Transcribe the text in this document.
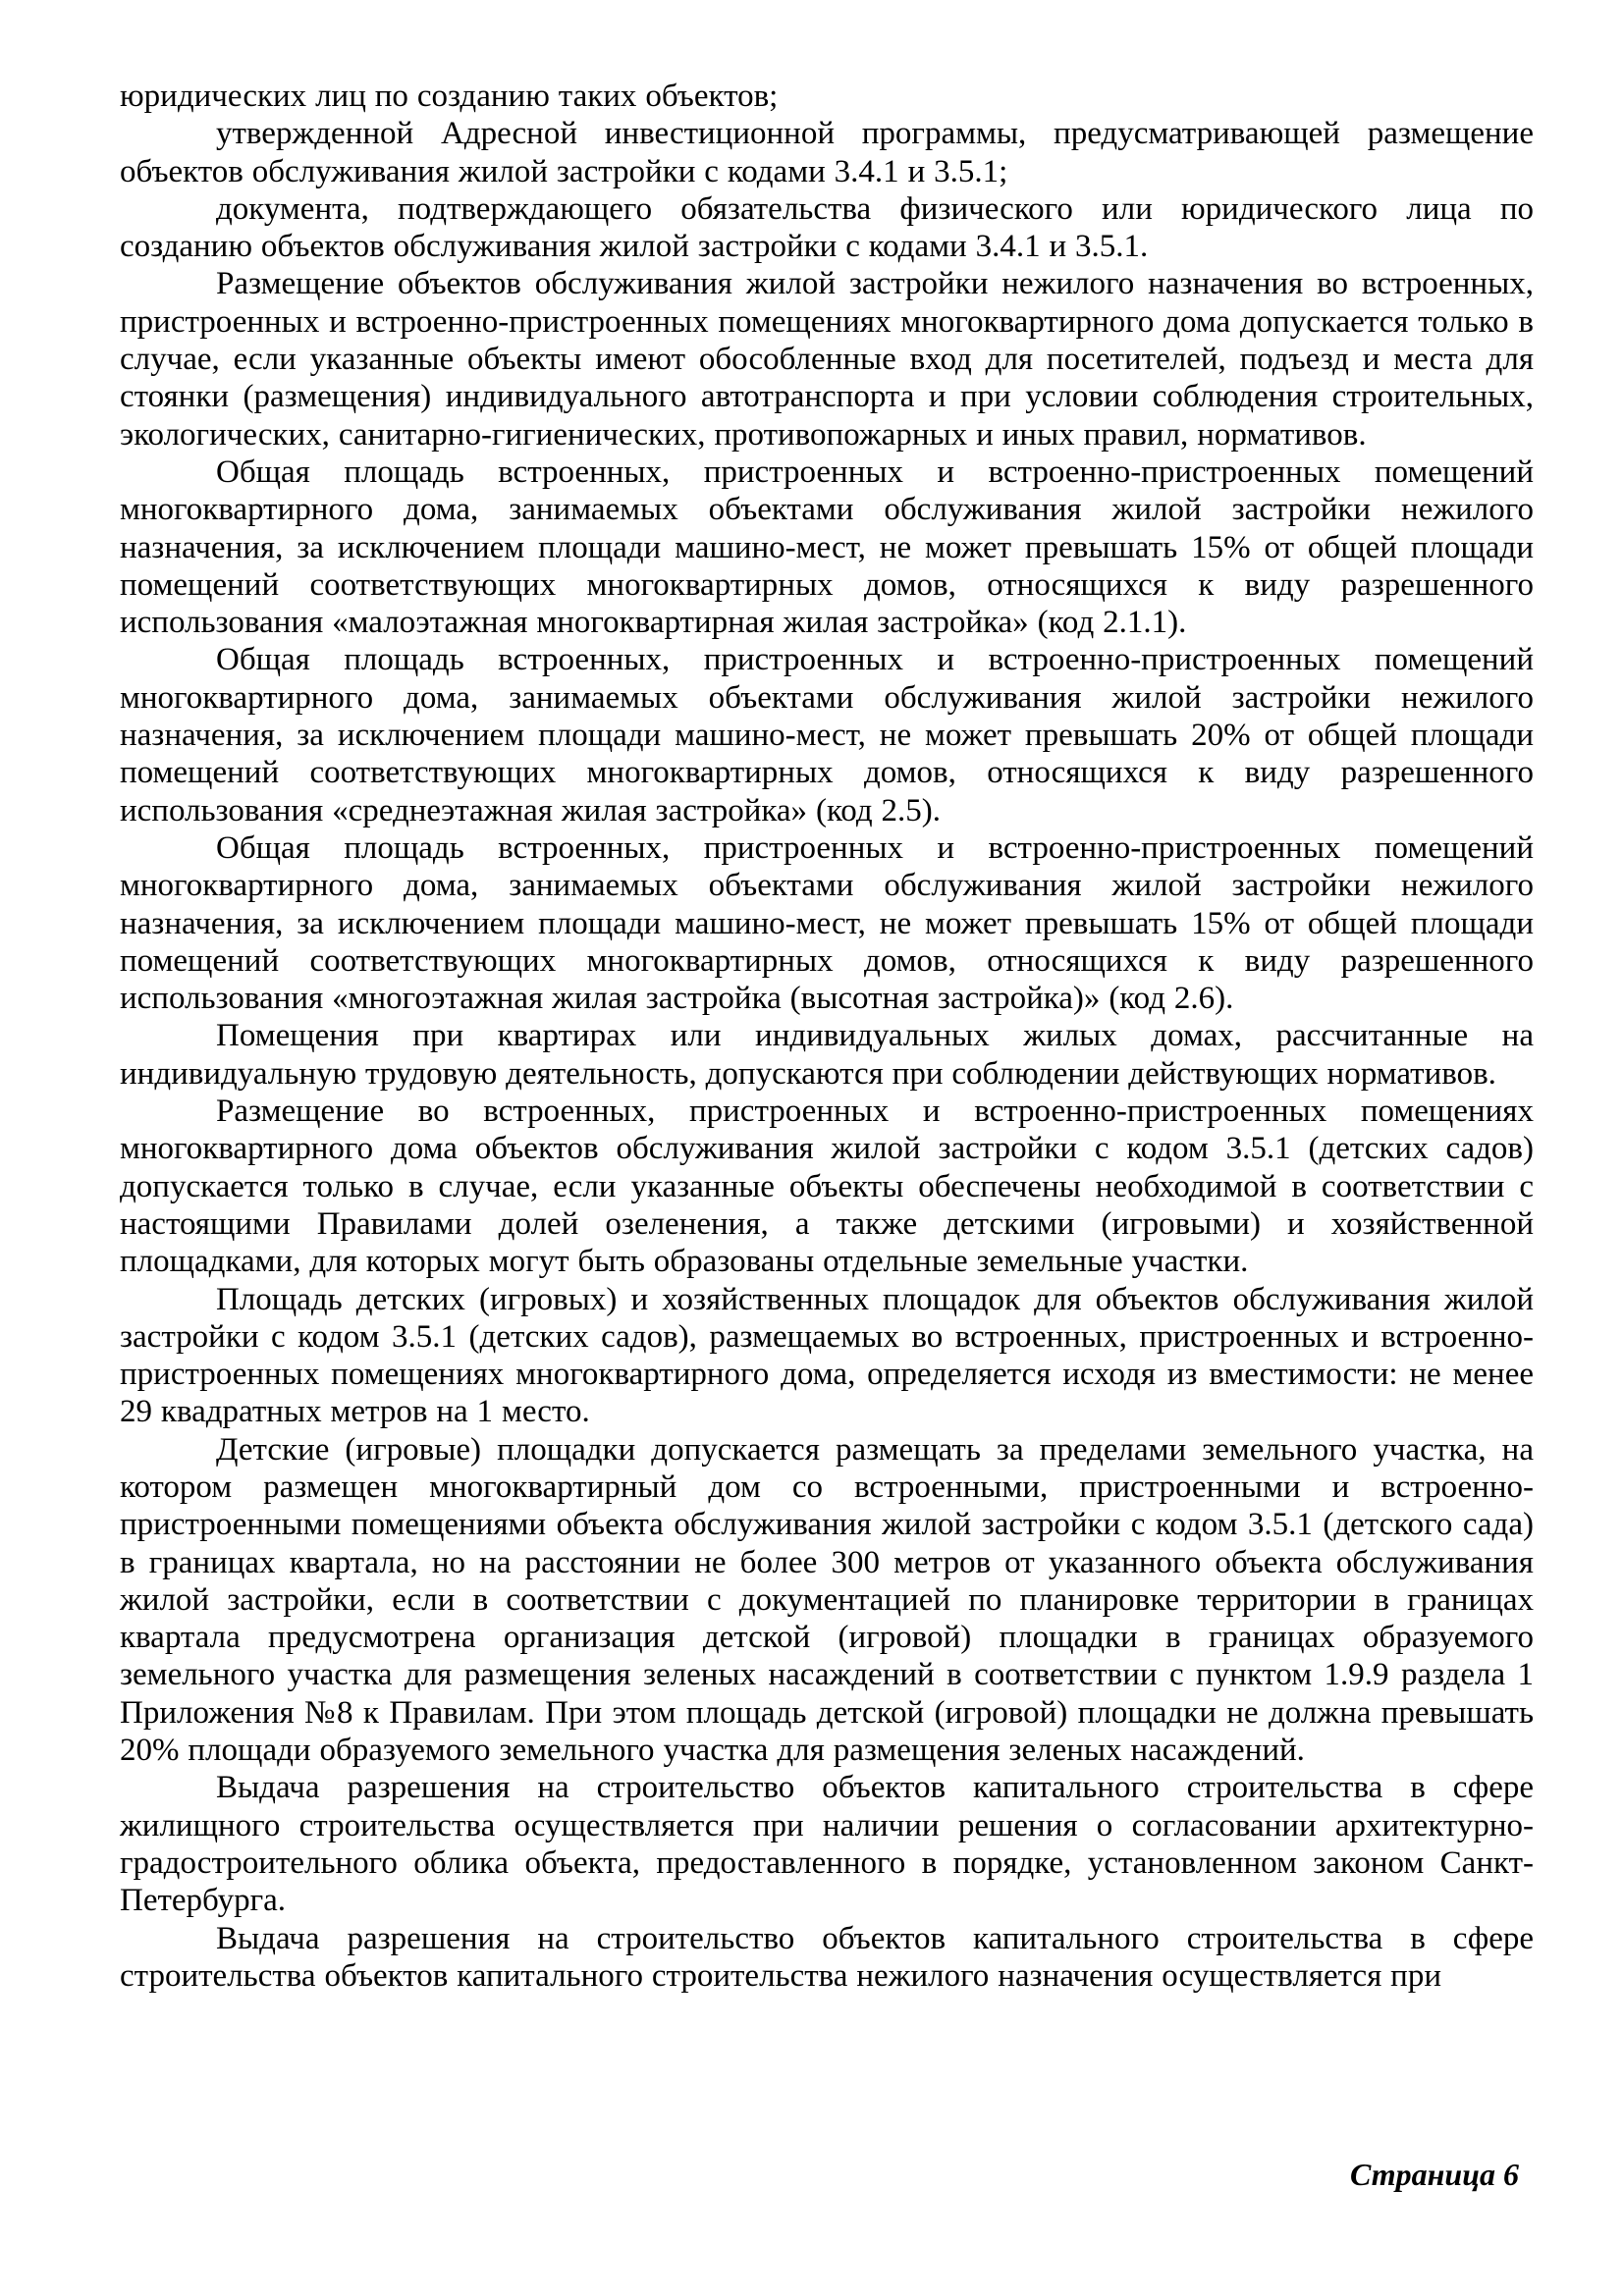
юридических лиц по созданию таких объектов;

утвержденной Адресной инвестиционной программы, предусматривающей размещение объектов обслуживания жилой застройки с кодами 3.4.1 и 3.5.1;

документа, подтверждающего обязательства физического или юридического лица по созданию объектов обслуживания жилой застройки с кодами 3.4.1 и 3.5.1.

Размещение объектов обслуживания жилой застройки нежилого назначения во встроенных, пристроенных и встроенно-пристроенных помещениях многоквартирного дома допускается только в случае, если указанные объекты имеют обособленные вход для посетителей, подъезд и места для стоянки (размещения) индивидуального автотранспорта и при условии соблюдения строительных, экологических, санитарно-гигиенических, противопожарных и иных правил, нормативов.

Общая площадь встроенных, пристроенных и встроенно-пристроенных помещений многоквартирного дома, занимаемых объектами обслуживания жилой застройки нежилого назначения, за исключением площади машино-мест, не может превышать 15% от общей площади помещений соответствующих многоквартирных домов, относящихся к виду разрешенного использования «малоэтажная многоквартирная жилая застройка» (код 2.1.1).

Общая площадь встроенных, пристроенных и встроенно-пристроенных помещений многоквартирного дома, занимаемых объектами обслуживания жилой застройки нежилого назначения, за исключением площади машино-мест, не может превышать 20% от общей площади помещений соответствующих многоквартирных домов, относящихся к виду разрешенного использования «среднеэтажная жилая застройка» (код 2.5).

Общая площадь встроенных, пристроенных и встроенно-пристроенных помещений многоквартирного дома, занимаемых объектами обслуживания жилой застройки нежилого назначения, за исключением площади машино-мест, не может превышать 15% от общей площади помещений соответствующих многоквартирных домов, относящихся к виду разрешенного использования «многоэтажная жилая застройка (высотная застройка)» (код 2.6).

Помещения при квартирах или индивидуальных жилых домах, рассчитанные на индивидуальную трудовую деятельность, допускаются при соблюдении действующих нормативов.

Размещение во встроенных, пристроенных и встроенно-пристроенных помещениях многоквартирного дома объектов обслуживания жилой застройки с кодом 3.5.1 (детских садов) допускается только в случае, если указанные объекты обеспечены необходимой в соответствии с настоящими Правилами долей озеленения, а также детскими (игровыми) и хозяйственной площадками, для которых могут быть образованы отдельные земельные участки.

Площадь детских (игровых) и хозяйственных площадок для объектов обслуживания жилой застройки с кодом 3.5.1 (детских садов), размещаемых во встроенных, пристроенных и встроенно-пристроенных помещениях многоквартирного дома, определяется исходя из вместимости: не менее 29 квадратных метров на 1 место.

Детские (игровые) площадки допускается размещать за пределами земельного участка, на котором размещен многоквартирный дом со встроенными, пристроенными и встроенно-пристроенными помещениями объекта обслуживания жилой застройки с кодом 3.5.1 (детского сада) в границах квартала, но на расстоянии не более 300 метров от указанного объекта обслуживания жилой застройки, если в соответствии с документацией по планировке территории в границах квартала предусмотрена организация детской (игровой) площадки в границах образуемого земельного участка для размещения зеленых насаждений в соответствии с пунктом 1.9.9 раздела 1 Приложения №8 к Правилам. При этом площадь детской (игровой) площадки не должна превышать 20% площади образуемого земельного участка для размещения зеленых насаждений.

Выдача разрешения на строительство объектов капитального строительства в сфере жилищного строительства осуществляется при наличии решения о согласовании архитектурно-градостроительного облика объекта, предоставленного в порядке, установленном законом Санкт-Петербурга.

Выдача разрешения на строительство объектов капитального строительства в сфере строительства объектов капитального строительства нежилого назначения осуществляется при

Страница 6
